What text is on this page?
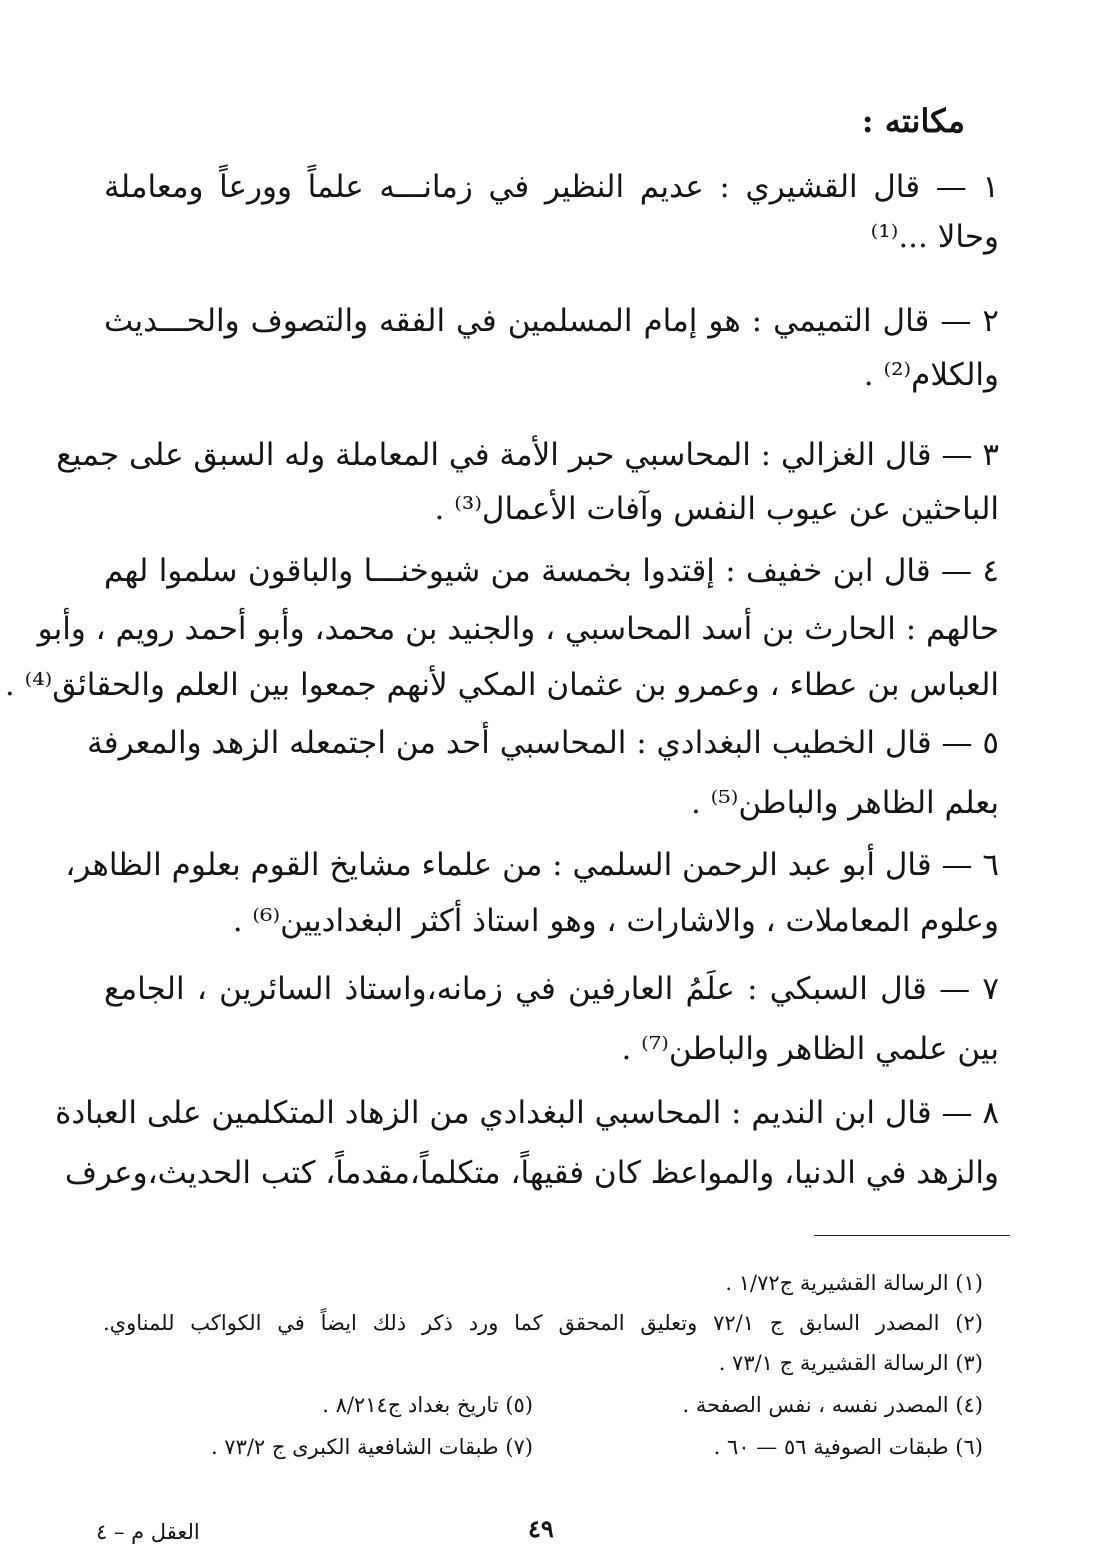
مكانته :
١ — قال القشيري : عديم النظير في زمانـــه علماً وورعاً ومعاملة
وحالا ...⁽¹⁾
٢ — قال التميمي : هو إمام المسلمين في الفقه والتصوف والحـــديث
والكلام⁽²⁾ .
٣ — قال الغزالي : المحاسبي حبر الأمة في المعاملة وله السبق على جميع
الباحثين عن عيوب النفس وآفات الأعمال⁽³⁾ .
٤ — قال ابن خفيف : إقتدوا بخمسة من شيوخنـــا والباقون سلموا لهم
حالهم : الحارث بن أسد المحاسبي ، والجنيد بن محمد، وأبو أحمد رويم ، وأبو
العباس بن عطاء ، وعمرو بن عثمان المكي لأنهم جمعوا بين العلم والحقائق⁽⁴⁾ .
٥ — قال الخطيب البغدادي : المحاسبي أحد من اجتمعله الزهد والمعرفة
بعلم الظاهر والباطن⁽⁵⁾ .
٦ — قال أبو عبد الرحمن السلمي : من علماء مشايخ القوم بعلوم الظاهر،
وعلوم المعاملات ، والاشارات ، وهو استاذ أكثر البغداديين⁽⁶⁾ .
٧ — قال السبكي : علَمُ العارفين في زمانه،واستاذ السائرين ، الجامع
بين علمي الظاهر والباطن⁽⁷⁾ .
٨ — قال ابن النديم : المحاسبي البغدادي من الزهاد المتكلمين على العبادة
والزهد في الدنيا، والمواعظ كان فقيهاً، متكلماً،مقدماً، كتب الحديث،وعرف
(١) الرسالة القشيرية ج١/٧٢ .
(٢) المصدر السابق ج ٧٢/١ وتعليق المحقق كما ورد ذكر ذلك ايضاً في الكواكب للمناوي.
(٣) الرسالة القشيرية ج ٧٣/١ .
(٤) المصدر نفسه ، نفس الصفحة .
(٥) تاريخ بغداد ج٨/٢١٤ .
(٦) طبقات الصوفية ٥٦ — ٦٠ .
(٧) طبقات الشافعية الكبرى ج ٧٣/٢ .
٤٩
العقل م – ٤
